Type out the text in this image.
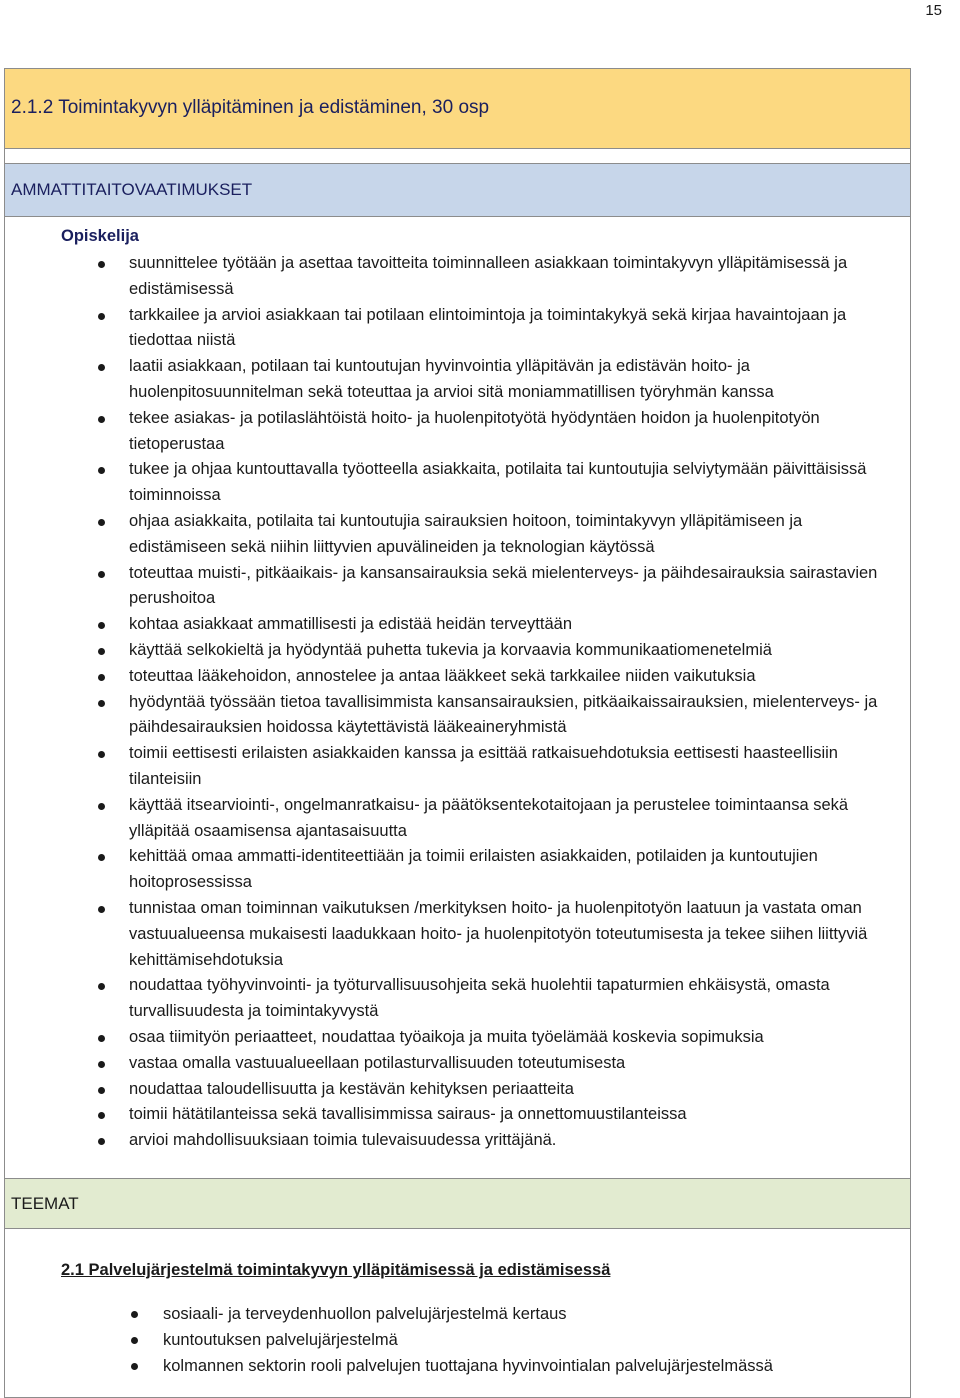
15
2.1.2 Toimintakyvyn ylläpitäminen ja edistäminen, 30 osp
AMMATTITAITOVAATIMUKSET
Opiskelija
suunnittelee työtään ja asettaa tavoitteita toiminnalleen asiakkaan toimintakyvyn ylläpitämisessä ja edistämisessä
tarkkailee ja arvioi asiakkaan tai potilaan elintoimintoja ja toimintakykyä sekä kirjaa havaintojaan ja tiedottaa niistä
laatii asiakkaan, potilaan tai kuntoutujan hyvinvointia ylläpitävän ja edistävän hoito- ja huolenpitosuunnitelman sekä toteuttaa ja arvioi sitä moniammatillisen työryhmän kanssa
tekee asiakas- ja potilaslähtöistä hoito- ja huolenpitotyötä hyödyntäen hoidon ja huolenpitotyön tietoperustaa
tukee ja ohjaa kuntouttavalla työotteella asiakkaita, potilaita tai kuntoutujia selviytymään päivittäisissä toiminnoissa
ohjaa asiakkaita, potilaita tai kuntoutujia sairauksien hoitoon, toimintakyvyn ylläpitämiseen ja edistämiseen sekä niihin liittyvien apuvälineiden ja teknologian käytössä
toteuttaa muisti-, pitkäaikais- ja kansansairauksia sekä mielenterveys- ja päihdesairauksia sairastavien perushoitoa
kohtaa asiakkaat ammatillisesti ja edistää heidän terveyttään
käyttää selkokieltä ja hyödyntää puhetta tukevia ja korvaavia kommunikaatiomenetelmiä
toteuttaa lääkehoidon, annostelee ja antaa lääkkeet sekä tarkkailee niiden vaikutuksia
hyödyntää työssään tietoa tavallisimmista kansansairauksien, pitkäaikaissairauksien, mielenterveys- ja päihdesairauksien hoidossa käytettävistä lääkeaineryhmistä
toimii eettisesti erilaisten asiakkaiden kanssa ja esittää ratkaisuehdotuksia eettisesti haasteellisiin tilanteisiin
käyttää itsearviointi-, ongelmanratkaisu- ja päätöksentekotaitojaan ja perustelee toimintaansa sekä ylläpitää osaamisensa ajantasaisuutta
kehittää omaa ammatti-identiteettiään ja toimii erilaisten asiakkaiden, potilaiden ja kuntoutujien hoitoprosessissa
tunnistaa oman toiminnan vaikutuksen /merkityksen hoito- ja huolenpitotyön laatuun ja vastata oman vastuualueensa mukaisesti laadukkaan hoito- ja huolenpitotyön toteutumisesta ja tekee siihen liittyviä kehittämisehdotuksia
noudattaa työhyvinvointi- ja työturvallisuusohjeita sekä huolehtii tapaturmien ehkäisystä, omasta turvallisuudesta ja toimintakyvystä
osaa tiimityön periaatteet, noudattaa työaikoja ja muita työelämää koskevia sopimuksia
vastaa omalla vastuualueellaan potilasturvallisuuden toteutumisesta
noudattaa taloudellisuutta ja kestävän kehityksen periaatteita
toimii hätätilanteissa sekä tavallisimmissa sairaus- ja onnettomuustilanteissa
arvioi mahdollisuuksiaan toimia tulevaisuudessa yrittäjänä.
TEEMAT
2.1 Palvelujärjestelmä toimintakyvyn ylläpitämisessä ja edistämisessä
sosiaali- ja terveydenhuollon palvelujärjestelmä kertaus
kuntoutuksen palvelujärjestelmä
kolmannen sektorin rooli palvelujen tuottajana hyvinvointialan palvelujärjestelmässä
